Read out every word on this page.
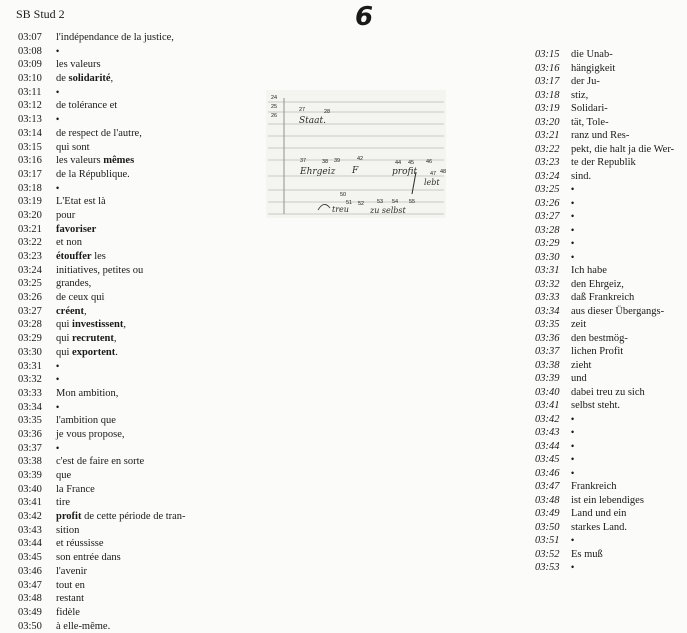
SB Stud 2	6
03:07 l'indépendance de la justice,
03:08 •
03:09 les valeurs
03:10 de solidarité,
03:11 •
03:12 de tolérance et
03:13 •
03:14 de respect de l'autre,
03:15 qui sont
03:16 les valeurs mêmes
03:17 de la République.
03:18 •
03:19 L'Etat est là
03:20 pour
03:21 favoriser
03:22 et non
03:23 étouffer les
03:24 initiatives, petites ou
03:25 grandes,
03:26 de ceux qui
03:27 créent,
03:28 qui investissent,
03:29 qui recrutent,
03:30 qui exportent.
03:31 •
03:32 •
03:33 Mon ambition,
03:34 •
03:35 l'ambition que
03:36 je vous propose,
03:37 •
03:38 c'est de faire en sorte
03:39 que
03:40 la France
03:41 tire
03:42 profit de cette période de tran-
03:43 sition
03:44 et réussisse
03:45 son entrée dans
03:46 l'avenir
03:47 tout en
03:48 restant
03:49 fidèle
03:50 à elle-même.
24
25
26
27	28
37	38 39	42
44 45 46
47 48
50
51 52 53 54 55
Staat.
Ehrgeiz F	profit
lebt
treu	zu selbst
03:15 die Unab-
03:16 hängigkeit
03:17 der Ju-
03:18 stiz,
03:19 Solidari-
03:20 tät, Tole-
03:21 ranz und Res-
03:22 pekt, die halt ja die Wer-
03:23 te der Republik
03:24 sind.
03:25 •
03:26 •
03:27 •
03:28 •
03:29 •
03:30 •
03:31 Ich habe
03:32 den Ehrgeiz,
03:33 daß Frankreich
03:34 aus dieser Übergangs-
03:35 zeit
03:36 den bestmög-
03:37 lichen Profit
03:38 zieht
03:39 und
03:40 dabei treu zu sich
03:41 selbst steht.
03:42 •
03:43 •
03:44 •
03:45 •
03:46 •
03:47 Frankreich
03:48 ist ein lebendiges
03:49 Land und ein
03:50 starkes Land.
03:51 •
03:52 Es muß
03:53 •
